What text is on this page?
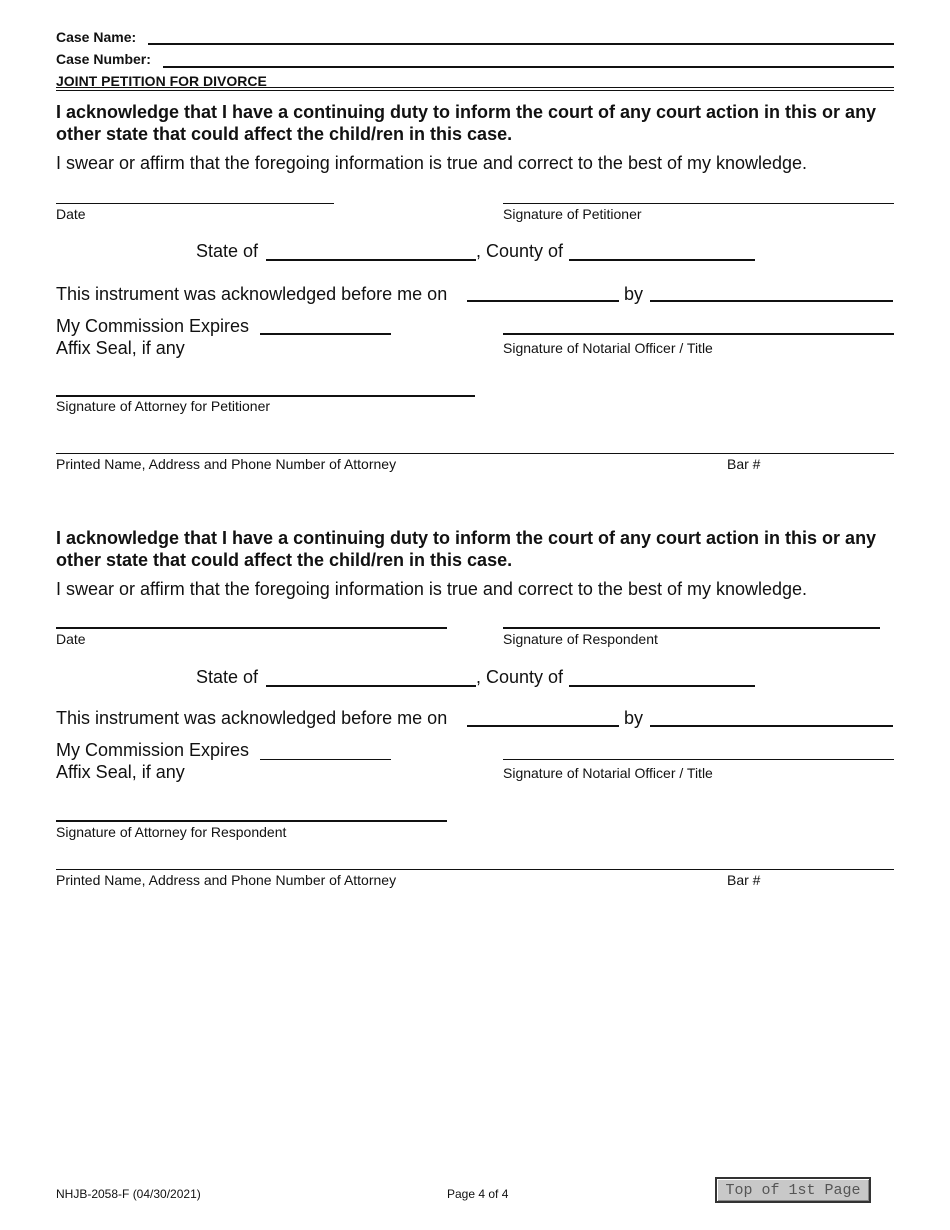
Case Name:
Case Number:
JOINT PETITION FOR DIVORCE
I acknowledge that I have a continuing duty to inform the court of any court action in this or any other state that could affect the child/ren in this case.
I swear or affirm that the foregoing information is true and correct to the best of my knowledge.
Date	Signature of Petitioner
State of	, County of
This instrument was acknowledged before me on	by
My Commission Expires
Affix Seal, if any	Signature of Notarial Officer / Title
Signature of Attorney for Petitioner
Printed Name, Address and Phone Number of Attorney	Bar #
I acknowledge that I have a continuing duty to inform the court of any court action in this or any other state that could affect the child/ren in this case.
I swear or affirm that the foregoing information is true and correct to the best of my knowledge.
Date	Signature of Respondent
State of	, County of
This instrument was acknowledged before me on	by
My Commission Expires
Affix Seal, if any	Signature of Notarial Officer / Title
Signature of Attorney for Respondent
Printed Name, Address and Phone Number of Attorney	Bar #
NHJB-2058-F (04/30/2021)	Page 4 of 4	Top of 1st Page
